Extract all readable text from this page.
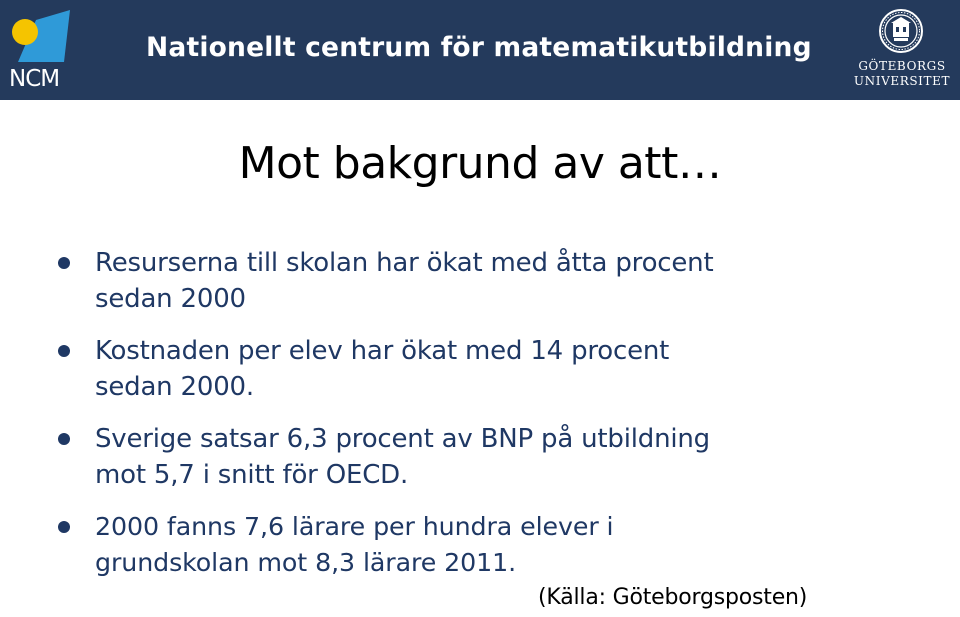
NCM
Nationellt centrum för matematikutbildning
GÖTEBORGS
UNIVERSITET
Mot bakgrund av att…
Resurserna till skolan har ökat med åtta procent
sedan 2000
Kostnaden per elev har ökat med 14 procent
sedan 2000.
Sverige satsar 6,3 procent av BNP på utbildning
mot 5,7 i snitt för OECD.
2000 fanns 7,6 lärare per hundra elever i
grundskolan mot 8,3 lärare 2011.
(Källa: Göteborgsposten)
